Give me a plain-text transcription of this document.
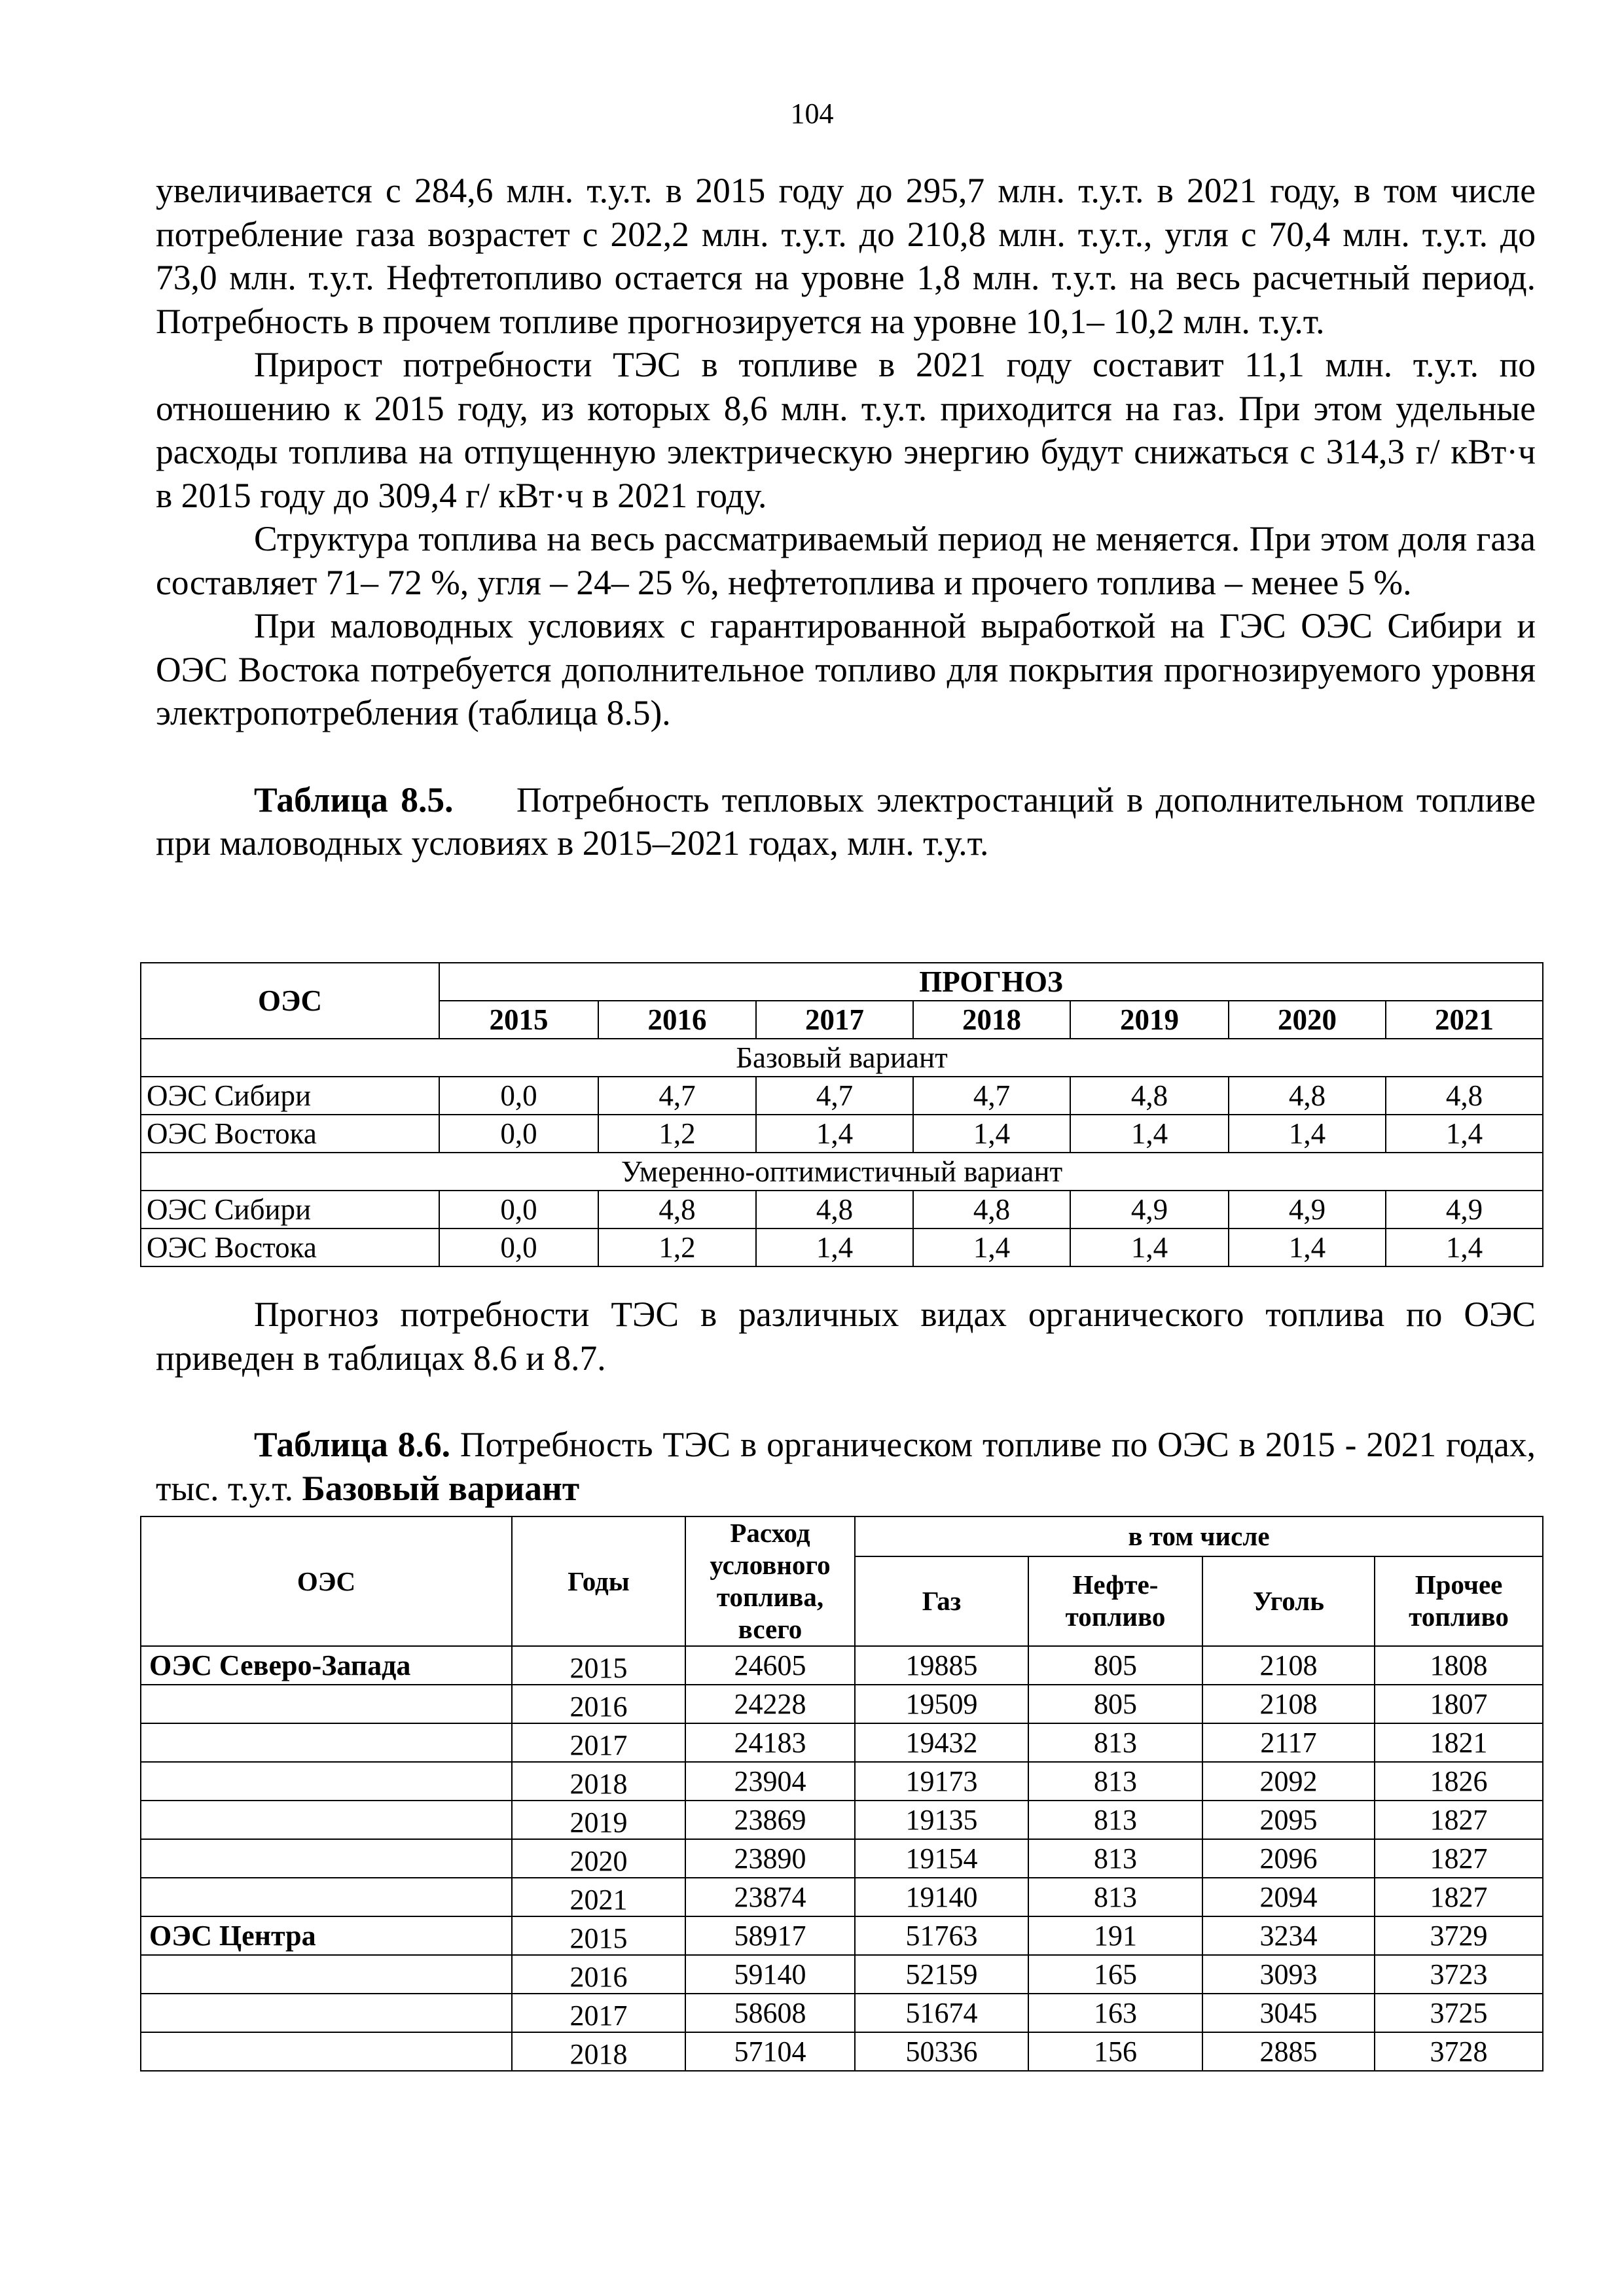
104

увеличивается с 284,6 млн. т.у.т. в 2015 году до 295,7 млн. т.у.т. в 2021 году, в том числе потребление газа возрастет с 202,2 млн. т.у.т. до 210,8 млн. т.у.т., угля с 70,4 млн. т.у.т. до 73,0 млн. т.у.т. Нефтетопливо остается на уровне 1,8 млн. т.у.т. на весь расчетный период. Потребность в прочем топливе прогнозируется на уровне 10,1– 10,2 млн. т.у.т.

Прирост потребности ТЭС в топливе в 2021 году составит 11,1 млн. т.у.т. по отношению к 2015 году, из которых 8,6 млн. т.у.т. приходится на газ. При этом удельные расходы топлива на отпущенную электрическую энергию будут снижаться с 314,3 г/ кВт·ч в 2015 году до 309,4 г/ кВт·ч в 2021 году.

Структура топлива на весь рассматриваемый период не меняется. При этом доля газа составляет 71– 72 %, угля – 24– 25 %, нефтетоплива и прочего топлива – менее 5 %.

При маловодных условиях с гарантированной выработкой на ГЭС ОЭС Сибири и ОЭС Востока потребуется дополнительное топливо для покрытия прогнозируемого уровня электропотребления (таблица 8.5).

Таблица 8.5. Потребность тепловых электростанций в дополнительном топливе при маловодных условиях в 2015–2021 годах, млн. т.у.т.

ОЭС	ПРОГНОЗ						
	2015	2016	2017	2018	2019	2020	2021
Базовый вариант							
ОЭС Сибири	0,0	4,7	4,7	4,7	4,8	4,8	4,8
ОЭС Востока	0,0	1,2	1,4	1,4	1,4	1,4	1,4
Умеренно-оптимистичный вариант							
ОЭС Сибири	0,0	4,8	4,8	4,8	4,9	4,9	4,9
ОЭС Востока	0,0	1,2	1,4	1,4	1,4	1,4	1,4

Прогноз потребности ТЭС в различных видах органического топлива по ОЭС приведен в таблицах 8.6 и 8.7.

Таблица 8.6. Потребность ТЭС в органическом топливе по ОЭС в 2015 - 2021 годах, тыс. т.у.т. Базовый вариант

ОЭС	Годы	Расход условного топлива, всего	в том числе			
			Газ	Нефте-топливо	Уголь	Прочее топливо
ОЭС Северо-Запада	2015	24605	19885	805	2108	1808
	2016	24228	19509	805	2108	1807
	2017	24183	19432	813	2117	1821
	2018	23904	19173	813	2092	1826
	2019	23869	19135	813	2095	1827
	2020	23890	19154	813	2096	1827
	2021	23874	19140	813	2094	1827
ОЭС Центра	2015	58917	51763	191	3234	3729
	2016	59140	52159	165	3093	3723
	2017	58608	51674	163	3045	3725
	2018	57104	50336	156	2885	3728
